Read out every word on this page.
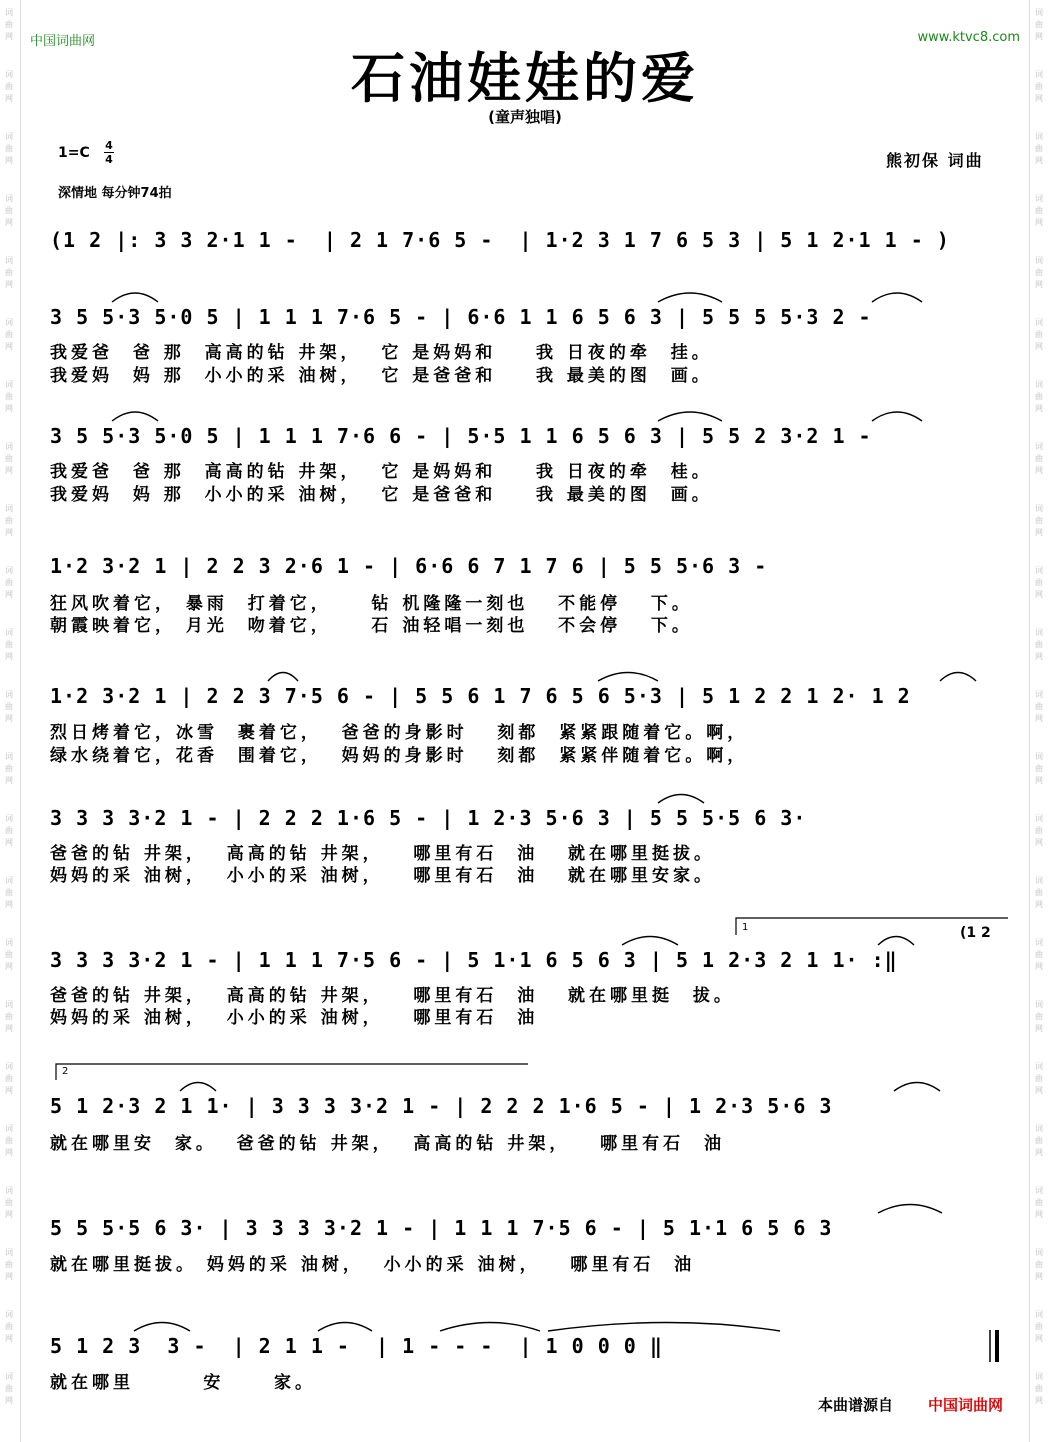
词
曲
网
词
曲
网
词
曲
网
词
曲
网
词
曲
网
词
曲
网
词
曲
网
词
曲
网
词
曲
网
词
曲
网
词
曲
网
词
曲
网
词
曲
网
词
曲
网
词
曲
网
词
曲
网
词
曲
网
词
曲
网
词
曲
网
词
曲
网
词
曲
网
词
曲
网
词
曲
网
词
曲
网
词
曲
网
词
曲
网
词
曲
网
词
曲
网
词
曲
网
词
曲
网
词
曲
网
词
曲
网
词
曲
网
词
曲
网
词
曲
网
词
曲
网
词
曲
网
词
曲
网
词
曲
网
词
曲
网
词
曲
网
词
曲
网
词
曲
网
词
曲
网
词
曲
网
词
曲
网
中国词曲网	www.ktvc8.com
石油娃娃的爱
(童声独唱)
1=C 4
4	熊初保 词曲
深情地 每分钟74拍
(1 2 |: 3 3 2·1 1 -  | 2 1 7·6 5 -  | 1·2 3 1 7 6 5 3 | 5 1 2·1 1 - )
3 5 5·3 5·0 5 | 1 1 1 7·6 5 - | 6·6 1 1 6 5 6 3 | 5 5 5 5·3 2 -
我爱爸  爸 那  高高的钻 井架，  它 是妈妈和    我 日夜的牵  挂。
我爱妈  妈 那  小小的采 油树，  它 是爸爸和    我 最美的图  画。
3 5 5·3 5·0 5 | 1 1 1 7·6 6 - | 5·5 1 1 6 5 6 3 | 5 5 2 3·2 1 -
我爱爸  爸 那  高高的钻 井架，  它 是妈妈和    我 日夜的牵  桂。
我爱妈  妈 那  小小的采 油树，  它 是爸爸和    我 最美的图  画。
1·2 3·2 1 | 2 2 3 2·6 1 - | 6·6 6 7 1 7 6 | 5 5 5·6 3 -
狂风吹着它， 暴雨  打着它，    钻 机隆隆一刻也   不能停   下。
朝霞映着它， 月光  吻着它，    石 油轻唱一刻也   不会停   下。
1·2 3·2 1 | 2 2 3 7·5 6 - | 5 5 6 1 7 6 5 6 5·3 | 5 1 2 2 1 2· 1 2
烈日烤着它，冰雪  裹着它，  爸爸的身影时   刻都  紧紧跟随着它。啊，
绿水绕着它，花香  围着它，  妈妈的身影时   刻都  紧紧伴随着它。啊，
3 3 3 3·2 1 - | 2 2 2 1·6 5 - | 1 2·3 5·6 3 | 5 5 5·5 6 3·
爸爸的钻 井架，  高高的钻 井架，   哪里有石  油   就在哪里挺拔。
妈妈的采 油树，  小小的采 油树，   哪里有石  油   就在哪里安家。
1	(1 2
3 3 3 3·2 1 - | 1 1 1 7·5 6 - | 5 1·1 6 5 6 3 | 5 1 2·3 2 1 1· :‖
爸爸的钻 井架，  高高的钻 井架，   哪里有石  油   就在哪里挺  拔。
妈妈的采 油树，  小小的采 油树，   哪里有石  油
2
5 1 2·3 2 1 1· | 3 3 3 3·2 1 - | 2 2 2 1·6 5 - | 1 2·3 5·6 3
就在哪里安  家。  爸爸的钻 井架，  高高的钻 井架，   哪里有石  油
5 5 5·5 6 3· | 3 3 3 3·2 1 - | 1 1 1 7·5 6 - | 5 1·1 6 5 6 3
就在哪里挺拔。 妈妈的采 油树，  小小的采 油树，   哪里有石  油
5 1 2 3  3 -  | 2 1 1 -  | 1 - - -  | 1 0 0 0 ‖
就在哪里       安     家。
本曲谱源自 中国词曲网
